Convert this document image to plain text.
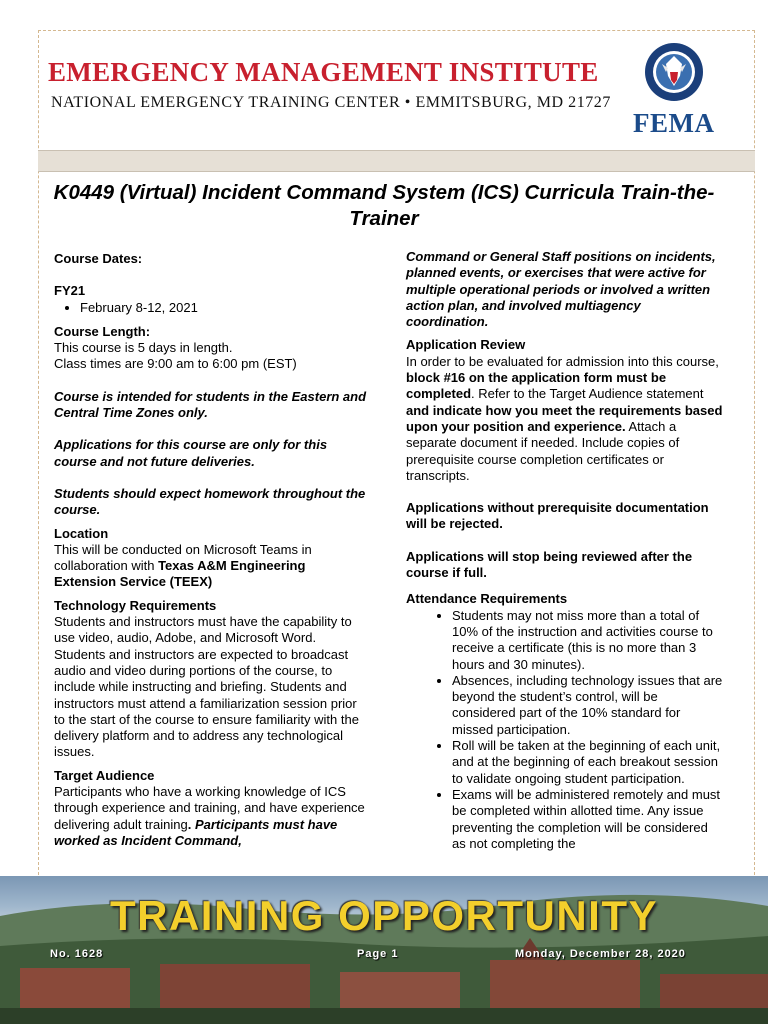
EMERGENCY MANAGEMENT INSTITUTE
NATIONAL EMERGENCY TRAINING CENTER • EMMITSBURG, MD 21727
FEMA
K0449 (Virtual) Incident Command System (ICS) Curricula Train-the-Trainer

Course Dates:

FY21

• February 8-12, 2021

Course Length:

This course is 5 days in length.

Class times are 9:00 am to 6:00 pm (EST)

Course is intended for students in the Eastern and Central Time Zones only.

Applications for this course are only for this course and not future deliveries.

Students should expect homework throughout the course.

Location

This will be conducted on Microsoft Teams in collaboration with Texas A&M Engineering Extension Service (TEEX)

Technology Requirements

Students and instructors must have the capability to use video, audio, Adobe, and Microsoft Word. Students and instructors are expected to broadcast audio and video during portions of the course, to include while instructing and briefing. Students and instructors must attend a familiarization session prior to the start of the course to ensure familiarity with the delivery platform and to address any technological issues.

Target Audience

Participants who have a working knowledge of ICS through experience and training, and have experience delivering adult training. Participants must have worked as Incident Command,

Command or General Staff positions on incidents, planned events, or exercises that were active for multiple operational periods or involved a written action plan, and involved multiagency coordination.

Application Review

In order to be evaluated for admission into this course, block #16 on the application form must be completed. Refer to the Target Audience statement and indicate how you meet the requirements based upon your position and experience. Attach a separate document if needed. Include copies of prerequisite course completion certificates or transcripts.

Applications without prerequisite documentation will be rejected.

Applications will stop being reviewed after the course if full.

Attendance Requirements

• Students may not miss more than a total of 10% of the instruction and activities course to receive a certificate (this is no more than 3 hours and 30 minutes).
• Absences, including technology issues that are beyond the student’s control, will be considered part of the 10% standard for missed participation.
• Roll will be taken at the beginning of each unit, and at the beginning of each breakout session to validate ongoing student participation.
• Exams will be administered remotely and must be completed within allotted time. Any issue preventing the completion will be considered as not completing the
TRAINING OPPORTUNITY
No. 1628	Page 1	Monday, December 28, 2020
